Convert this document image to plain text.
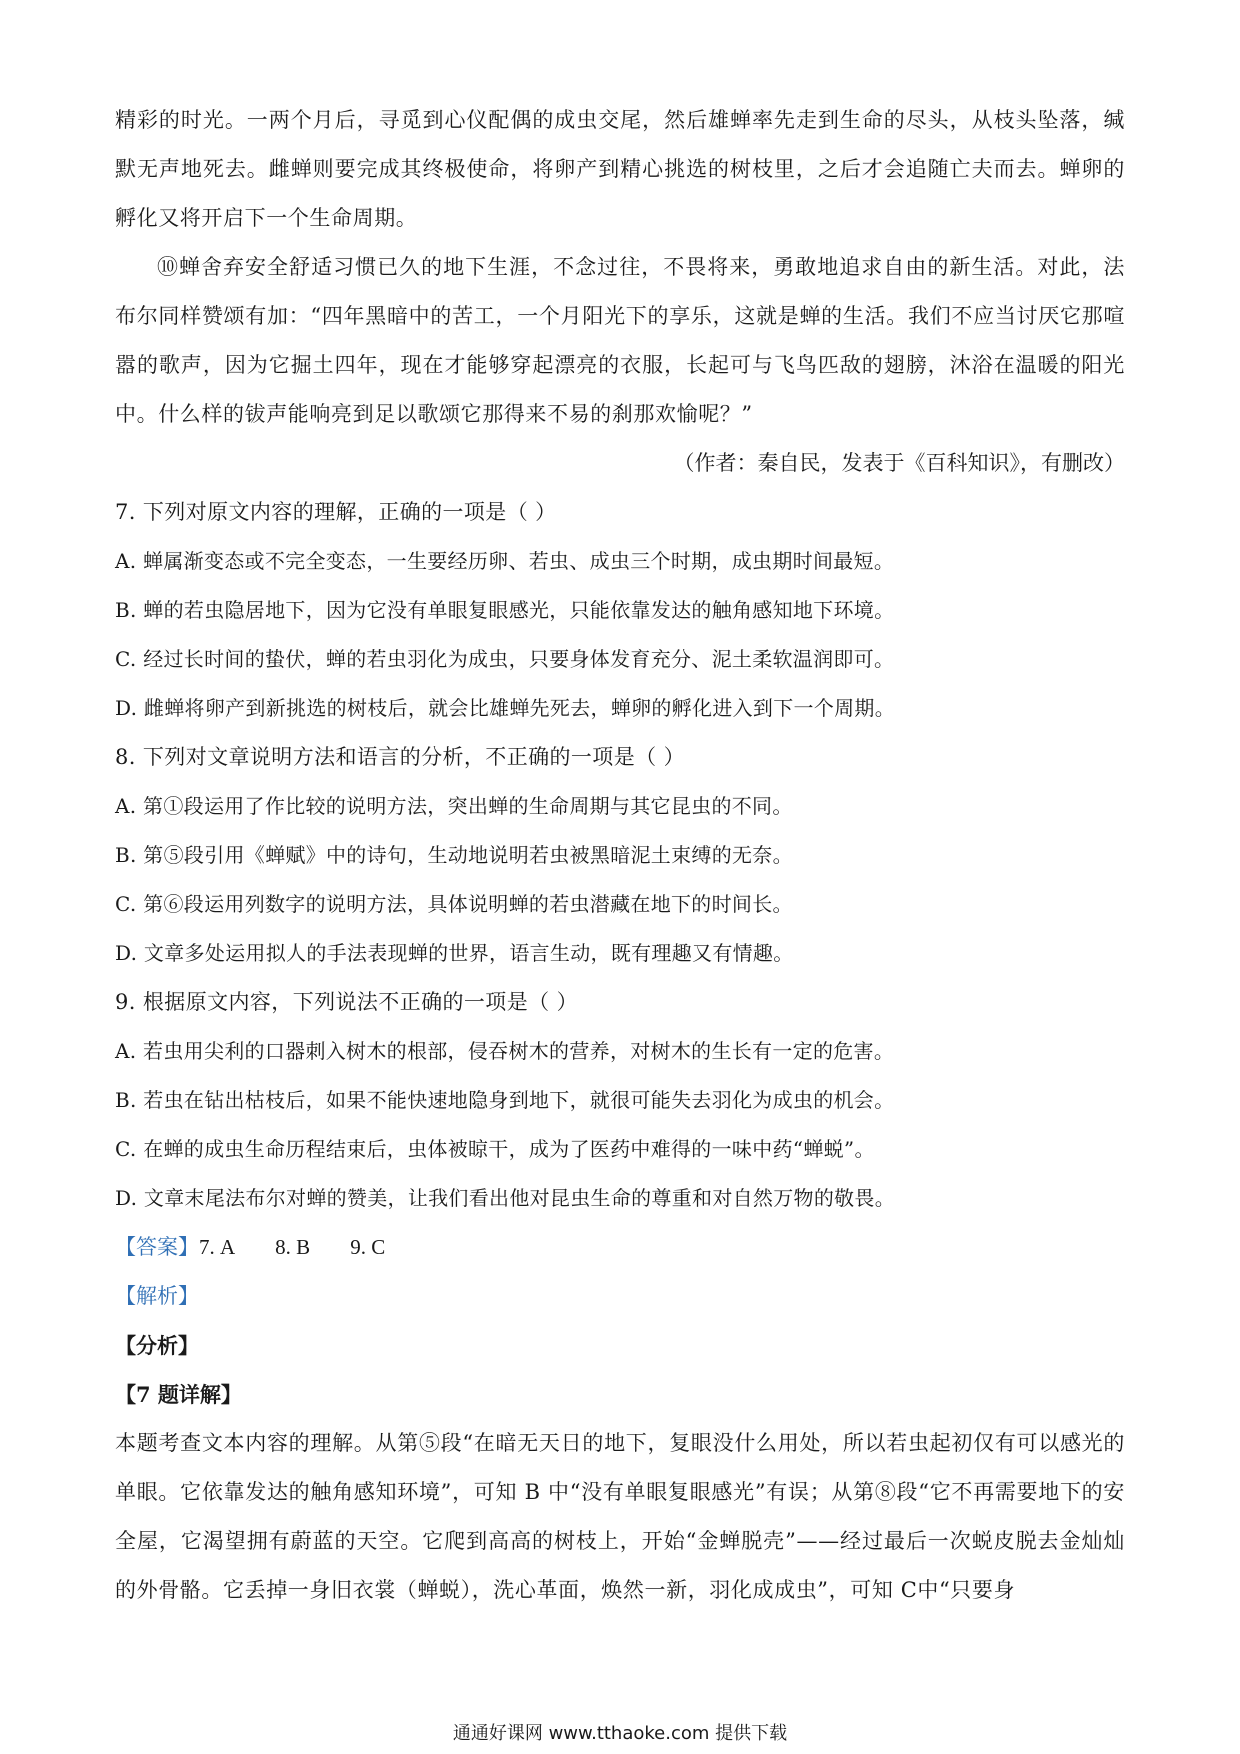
精彩的时光。一两个月后，寻觅到心仪配偶的成虫交尾，然后雄蝉率先走到生命的尽头，从枝头坠落，缄默无声地死去。雌蝉则要完成其终极使命，将卵产到精心挑选的树枝里，之后才会追随亡夫而去。蝉卵的孵化又将开启下一个生命周期。

⑩蝉舍弃安全舒适习惯已久的地下生涯，不念过往，不畏将来，勇敢地追求自由的新生活。对此，法布尔同样赞颂有加：“四年黑暗中的苦工，一个月阳光下的享乐，这就是蝉的生活。我们不应当讨厌它那喧嚣的歌声，因为它掘土四年，现在才能够穿起漂亮的衣服，长起可与飞鸟匹敌的翅膀，沐浴在温暖的阳光中。什么样的钹声能响亮到足以歌颂它那得来不易的刹那欢愉呢？”

（作者：秦自民，发表于《百科知识》，有删改）

7. 下列对原文内容的理解，正确的一项是（ ）

A. 蝉属渐变态或不完全变态，一生要经历卵、若虫、成虫三个时期，成虫期时间最短。

B. 蝉的若虫隐居地下，因为它没有单眼复眼感光，只能依靠发达的触角感知地下环境。

C. 经过长时间的蛰伏，蝉的若虫羽化为成虫，只要身体发育充分、泥土柔软温润即可。

D. 雌蝉将卵产到新挑选的树枝后，就会比雄蝉先死去，蝉卵的孵化进入到下一个周期。

8. 下列对文章说明方法和语言的分析，不正确的一项是（ ）

A. 第①段运用了作比较的说明方法，突出蝉的生命周期与其它昆虫的不同。

B. 第⑤段引用《蝉赋》中的诗句，生动地说明若虫被黑暗泥土束缚的无奈。

C. 第⑥段运用列数字的说明方法，具体说明蝉的若虫潜藏在地下的时间长。

D. 文章多处运用拟人的手法表现蝉的世界，语言生动，既有理趣又有情趣。

9. 根据原文内容，下列说法不正确的一项是（ ）

A. 若虫用尖利的口器刺入树木的根部，侵吞树木的营养，对树木的生长有一定的危害。

B. 若虫在钻出枯枝后，如果不能快速地隐身到地下，就很可能失去羽化为成虫的机会。

C. 在蝉的成虫生命历程结束后，虫体被晾干，成为了医药中难得的一味中药“蝉蜕”。

D. 文章末尾法布尔对蝉的赞美，让我们看出他对昆虫生命的尊重和对自然万物的敬畏。

【答案】7. A 8. B 9. C

【解析】

【分析】

【7 题详解】

本题考查文本内容的理解。从第⑤段“在暗无天日的地下，复眼没什么用处，所以若虫起初仅有可以感光的单眼。它依靠发达的触角感知环境”，可知 B 中“没有单眼复眼感光”有误；从第⑧段“它不再需要地下的安全屋，它渴望拥有蔚蓝的天空。它爬到高高的树枝上，开始“金蝉脱壳”——经过最后一次蜕皮脱去金灿灿的外骨骼。它丢掉一身旧衣裳（蝉蜕），洗心革面，焕然一新，羽化成成虫”，可知 C中“只要身

通通好课网 www.tthaoke.com 提供下载
